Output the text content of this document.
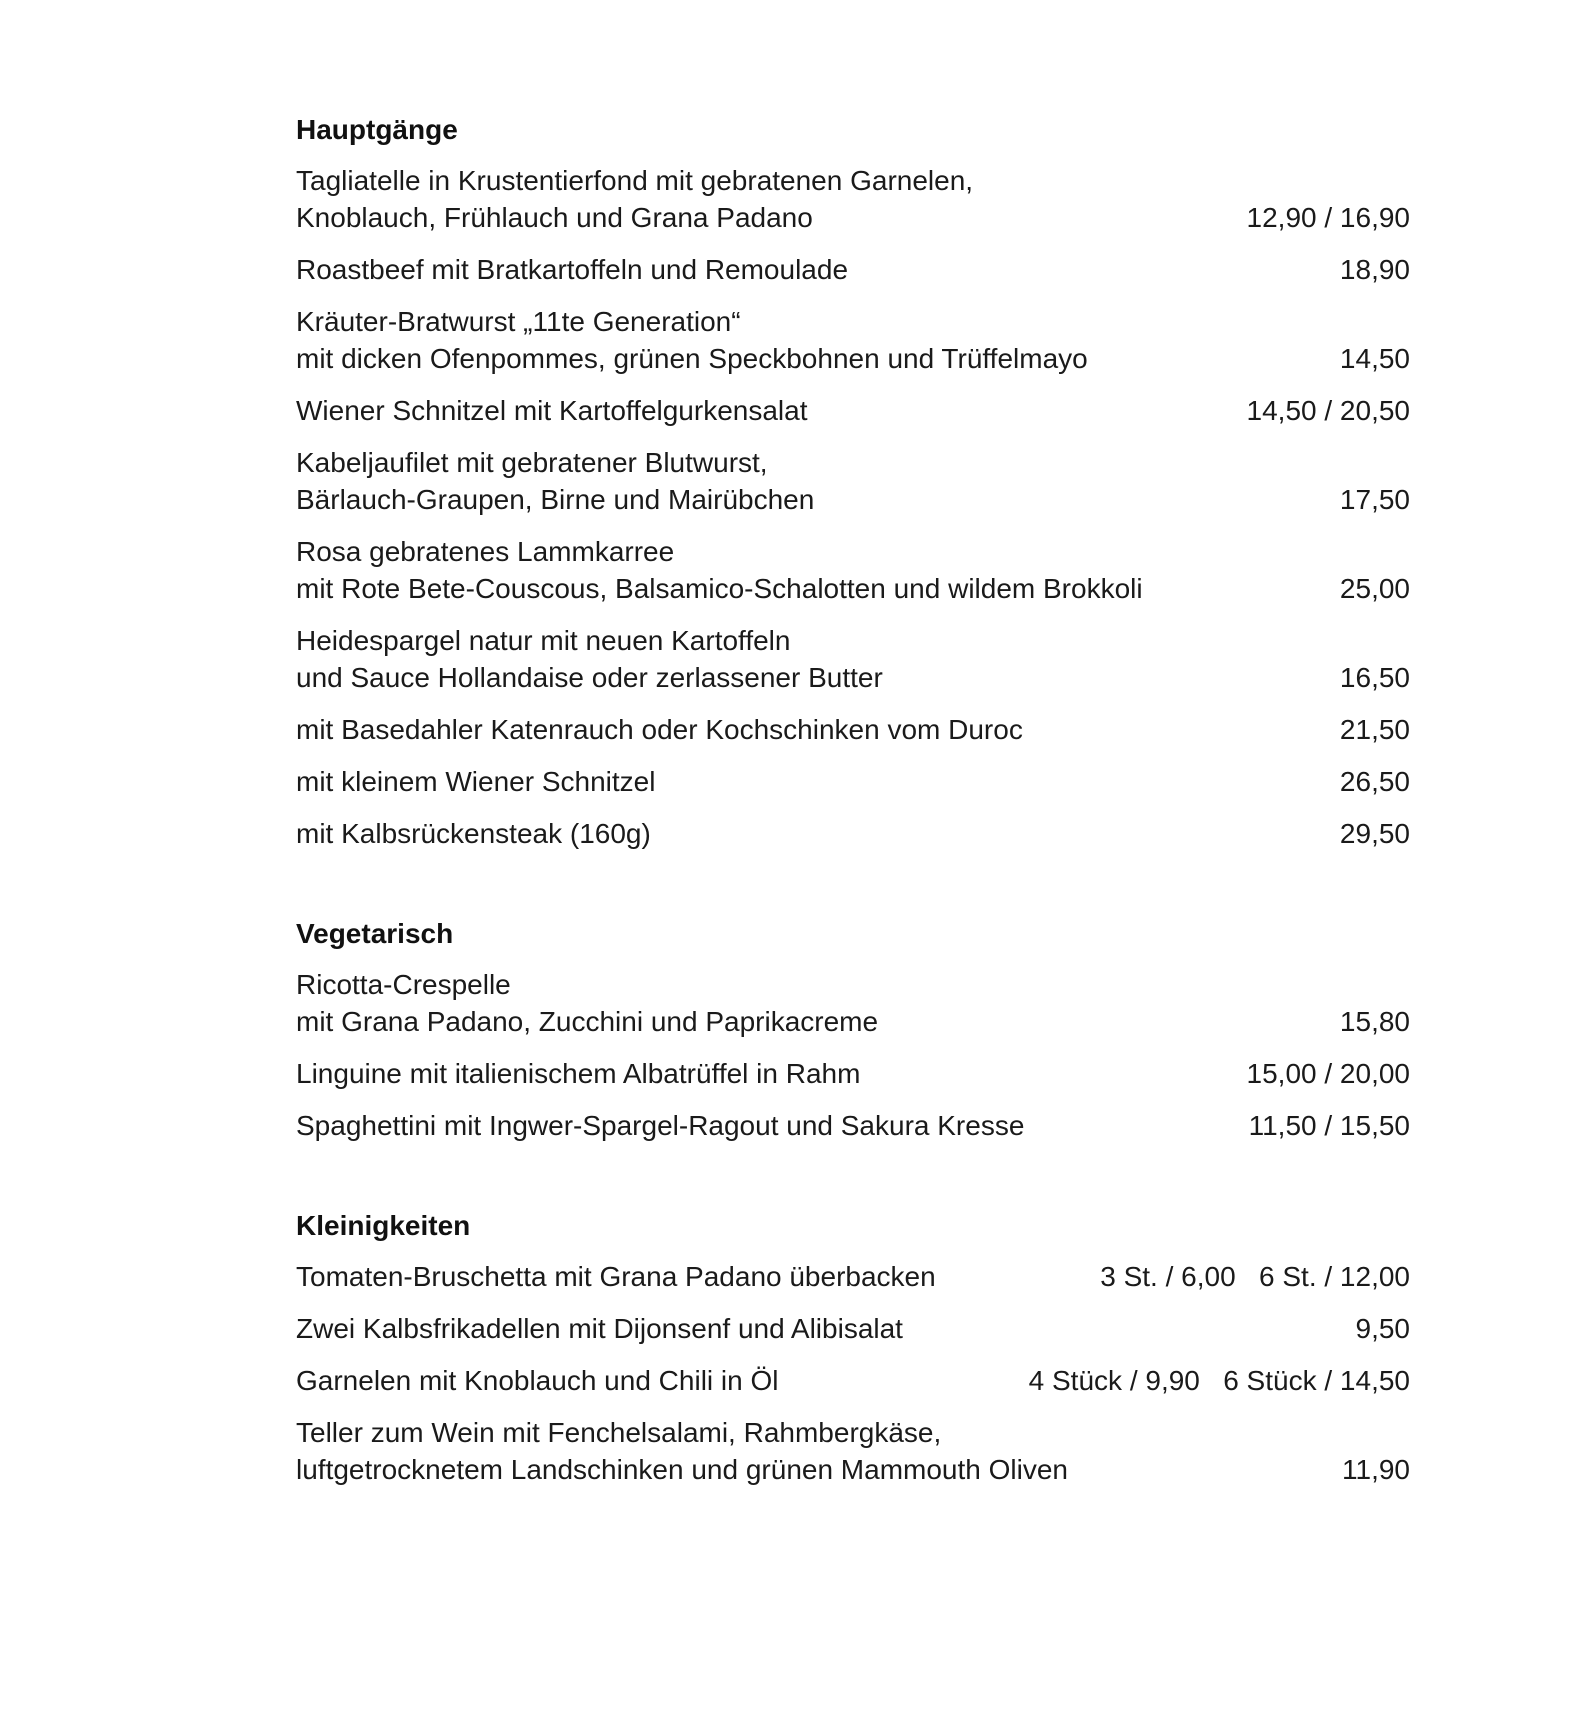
Hauptgänge
Tagliatelle in Krustentierfond mit gebratenen Garnelen,
Knoblauch, Frühlauch und Grana Padano	12,90 / 16,90
Roastbeef mit Bratkartoffeln und Remoulade	18,90
Kräuter-Bratwurst „11te Generation“
mit dicken Ofenpommes, grünen Speckbohnen und Trüffelmayo	14,50
Wiener Schnitzel mit Kartoffelgurkensalat	14,50 / 20,50
Kabeljaufilet mit gebratener Blutwurst,
Bärlauch-Graupen, Birne und Mairübchen	17,50
Rosa gebratenes Lammkarree
mit Rote Bete-Couscous, Balsamico-Schalotten und wildem Brokkoli	25,00
Heidespargel natur mit neuen Kartoffeln
und Sauce Hollandaise oder zerlassener Butter	16,50
mit Basedahler Katenrauch oder Kochschinken vom Duroc	21,50
mit kleinem Wiener Schnitzel	26,50
mit Kalbsrückensteak (160g)	29,50
Vegetarisch
Ricotta-Crespelle
mit Grana Padano, Zucchini und Paprikacreme	15,80
Linguine mit italienischem Albatrüffel in Rahm	15,00 / 20,00
Spaghettini mit Ingwer-Spargel-Ragout und Sakura Kresse	11,50 / 15,50
Kleinigkeiten
Tomaten-Bruschetta mit Grana Padano überbacken	3 St. / 6,00   6 St. / 12,00
Zwei Kalbsfrikadellen mit Dijonsenf und Alibisalat	9,50
Garnelen mit Knoblauch und Chili in Öl	4 Stück / 9,90   6 Stück / 14,50
Teller zum Wein mit Fenchelsalami, Rahmbergkäse,
luftgetrocknetem Landschinken und grünen Mammouth Oliven	11,90
